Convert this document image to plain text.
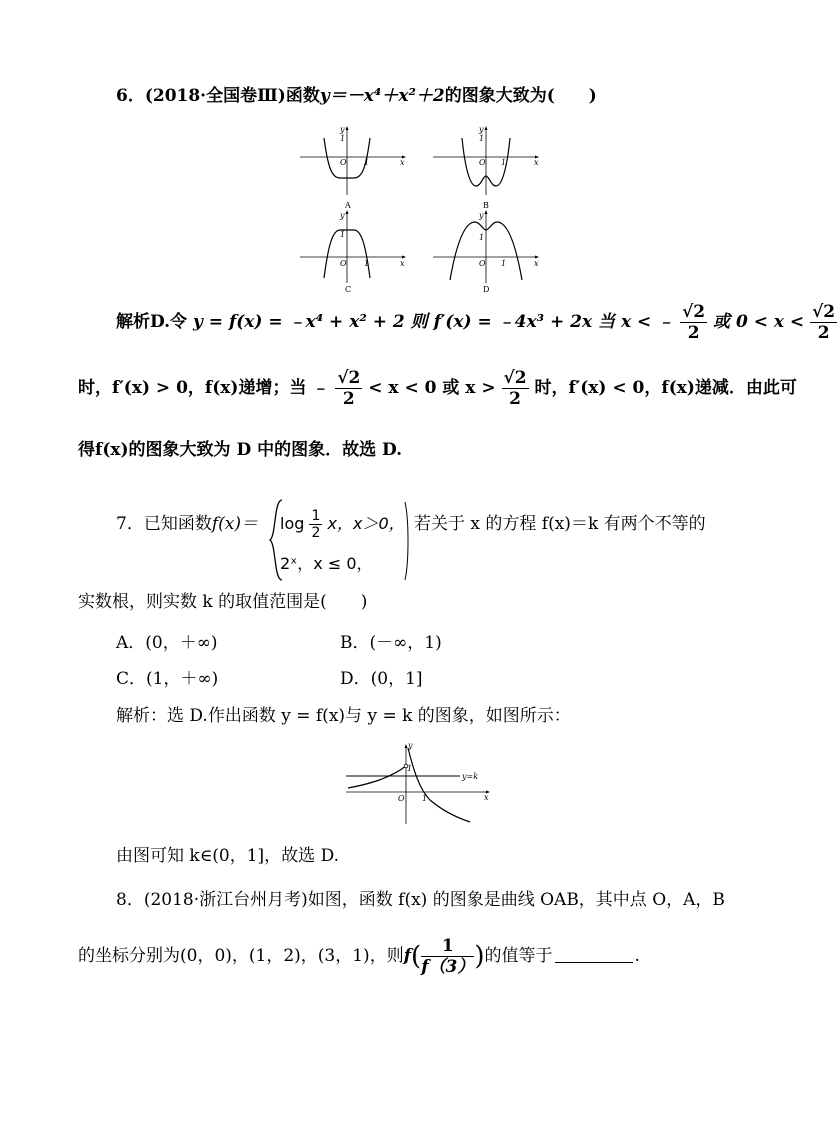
6．(2018·全国卷Ⅲ)函数y＝－x⁴＋x²＋2的图象大致为(　　)
y
1
O 1	x
A
y
1
O 1	x
B
y
1
O 1	x
C
y
1
O 1	x
D
解析D.令 y = f(x) = ﹣x⁴ + x² + 2 则 f′(x) = ﹣4x³ + 2x 当 x < ﹣ $\frac{√2}{2}$ 或 $0 < x < \frac{√2}{2}$
时，f′(x) > 0，f(x)递增；当 ﹣ $\frac{√2}{2} < x < 0$ 或 $x > \frac{√2}{2}$ 时，f′(x) < 0，f(x)递减．由此可
得f(x)的图象大致为 D 中的图象．故选 D.
7．已知函数$f(x)= \log \frac{1}{2}$ x，x＞0，
2ˣ，x ≤ 0，
若关于 x 的方程 f(x)＝k 有两个不等的
实数根，则实数 k 的取值范围是(　　)
A．(0，＋∞)	B．(－∞，1)
C．(1，＋∞)	D．(0，1]
解析：选 D.作出函数 y = f(x)与 y = k 的图象，如图所示：
y
1
y=k
O 1	x
由图可知 k∈(0，1]，故选 D.
8．(2018·浙江台州月考)如图，函数 f(x) 的图象是曲线 OAB，其中点 O，A，B
的坐标分别为(0，0)，(1，2)，(3，1)，则$f( \frac{1}{f(3)}$ )的值等于	.
